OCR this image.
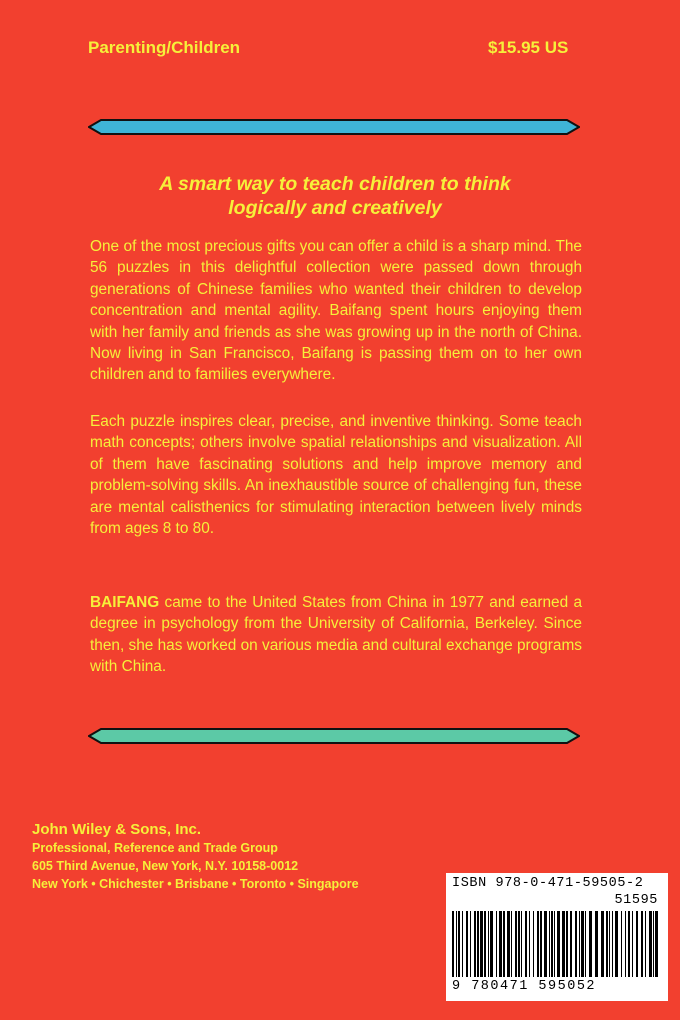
Parenting/Children	$15.95 US
A smart way to teach children to think
logically and creatively

One of the most precious gifts you can offer a child is a sharp mind. The 56 puzzles in this delightful collection were passed down through generations of Chinese families who wanted their children to develop concentration and mental agility. Baifang spent hours enjoying them with her family and friends as she was growing up in the north of China. Now living in San Francisco, Baifang is passing them on to her own children and to families everywhere.

Each puzzle inspires clear, precise, and inventive thinking. Some teach math concepts; others involve spatial relationships and visualization. All of them have fascinating solutions and help improve memory and problem-solving skills. An inexhaustible source of challenging fun, these are mental calisthenics for stimulating interaction between lively minds from ages 8 to 80.

BAIFANG came to the United States from China in 1977 and earned a degree in psychology from the University of California, Berkeley. Since then, she has worked on various media and cultural exchange programs with China.

John Wiley & Sons, Inc.
Professional, Reference and Trade Group
605 Third Avenue, New York, N.Y. 10158-0012
New York • Chichester • Brisbane • Toronto • Singapore	ISBN 978-0-471-59505-2
51595
9 780471 595052
